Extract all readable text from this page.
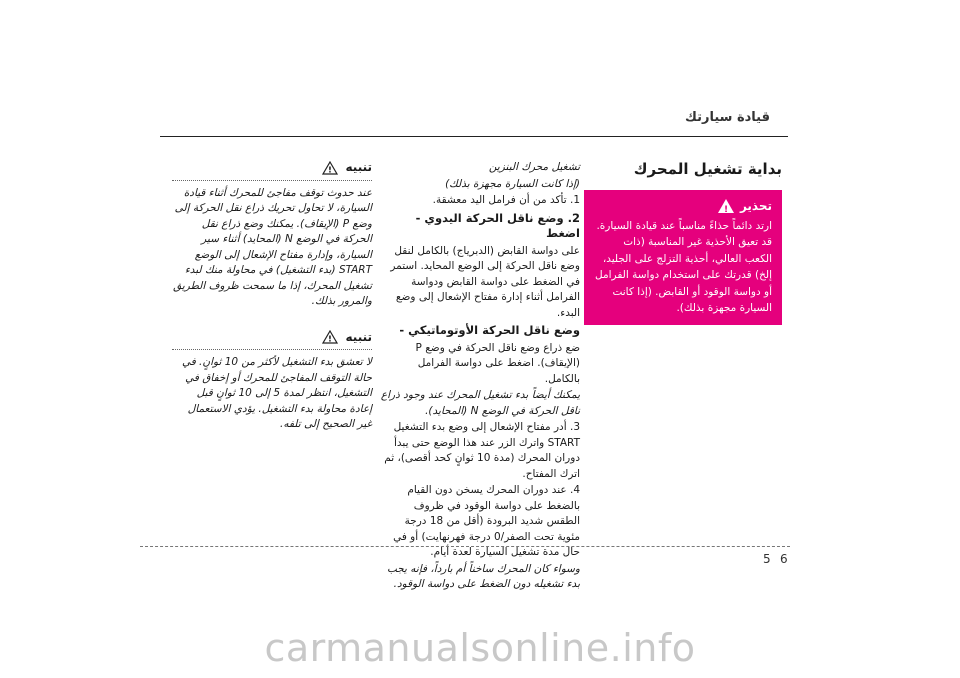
قيادة سيارتك
بداية تشغيل المحرك
تحذير
!
ارتد دائماً حذاءً مناسباً عند قيادة السيارة. قد تعيق الأحذية غير المناسبة (ذات الكعب العالي، أحذية التزلج على الجليد، إلخ) قدرتك على استخدام دواسة الفرامل أو دواسة الوقود أو القابض. (إذا كانت السيارة مجهزة بذلك).

تشغيل محرك البنزين

(إذا كانت السيارة مجهزة بذلك)

1. تأكد من أن فرامل اليد معشقة.

2. وضع ناقل الحركة اليدوي - اضغط

على دواسة القابض (الدبرياج) بالكامل لنقل وضع ناقل الحركة إلى الوضع المحايد. استمر في الضغط على دواسة القابض ودواسة الفرامل أثناء إدارة مفتاح الإشعال إلى وضع البدء.

وضع ناقل الحركة الأوتوماتيكي -

ضع ذراع وضع ناقل الحركة في وضع P (الإيقاف). اضغط على دواسة الفرامل بالكامل.

يمكنك أيضاً بدء تشغيل المحرك عند وجود ذراع ناقل الحركة في الوضع N (المحايد).

3. أدر مفتاح الإشعال إلى وضع بدء التشغيل START واترك الزر عند هذا الوضع حتى يبدأ دوران المحرك (مدة 10 ثوانٍ كحد أقصى)، ثم اترك المفتاح.

4. عند دوران المحرك يسخن دون القيام بالضغط على دواسة الوقود في ظروف الطقس شديد البرودة (أقل من 18 درجة مئوية تحت الصفر/0 درجة فهرنهايت) أو في حال مدة تشغيل السيارة لعدة أيام.

وسواء كان المحرك ساخناً أم بارداً، فإنه يجب بدء تشغيله دون الضغط على دواسة الوقود.

تنبيه
!
عند حدوث توقف مفاجئ للمحرك أثناء قيادة السيارة، لا تحاول تحريك ذراع نقل الحركة إلى وضع P (الإيقاف). يمكنك وضع ذراع نقل الحركة في الوضع N (المحايد) أثناء سير السيارة، وإدارة مفتاح الإشعال إلى الوضع START (بدء التشغيل) في محاولة منك لبدء تشغيل المحرك، إذا ما سمحت ظروف الطريق والمرور بذلك.
تنبيه
!
لا تعشق بدء التشغيل لأكثر من 10 ثوانٍ. في حالة التوقف المفاجئ للمحرك أو إخفاق في التشغيل، انتظر لمدة 5 إلى 10 ثوانٍ قبل إعادة محاولة بدء التشغيل. يؤدي الاستعمال غير الصحيح إلى تلفه.
5 6
carmanualsonline.info
